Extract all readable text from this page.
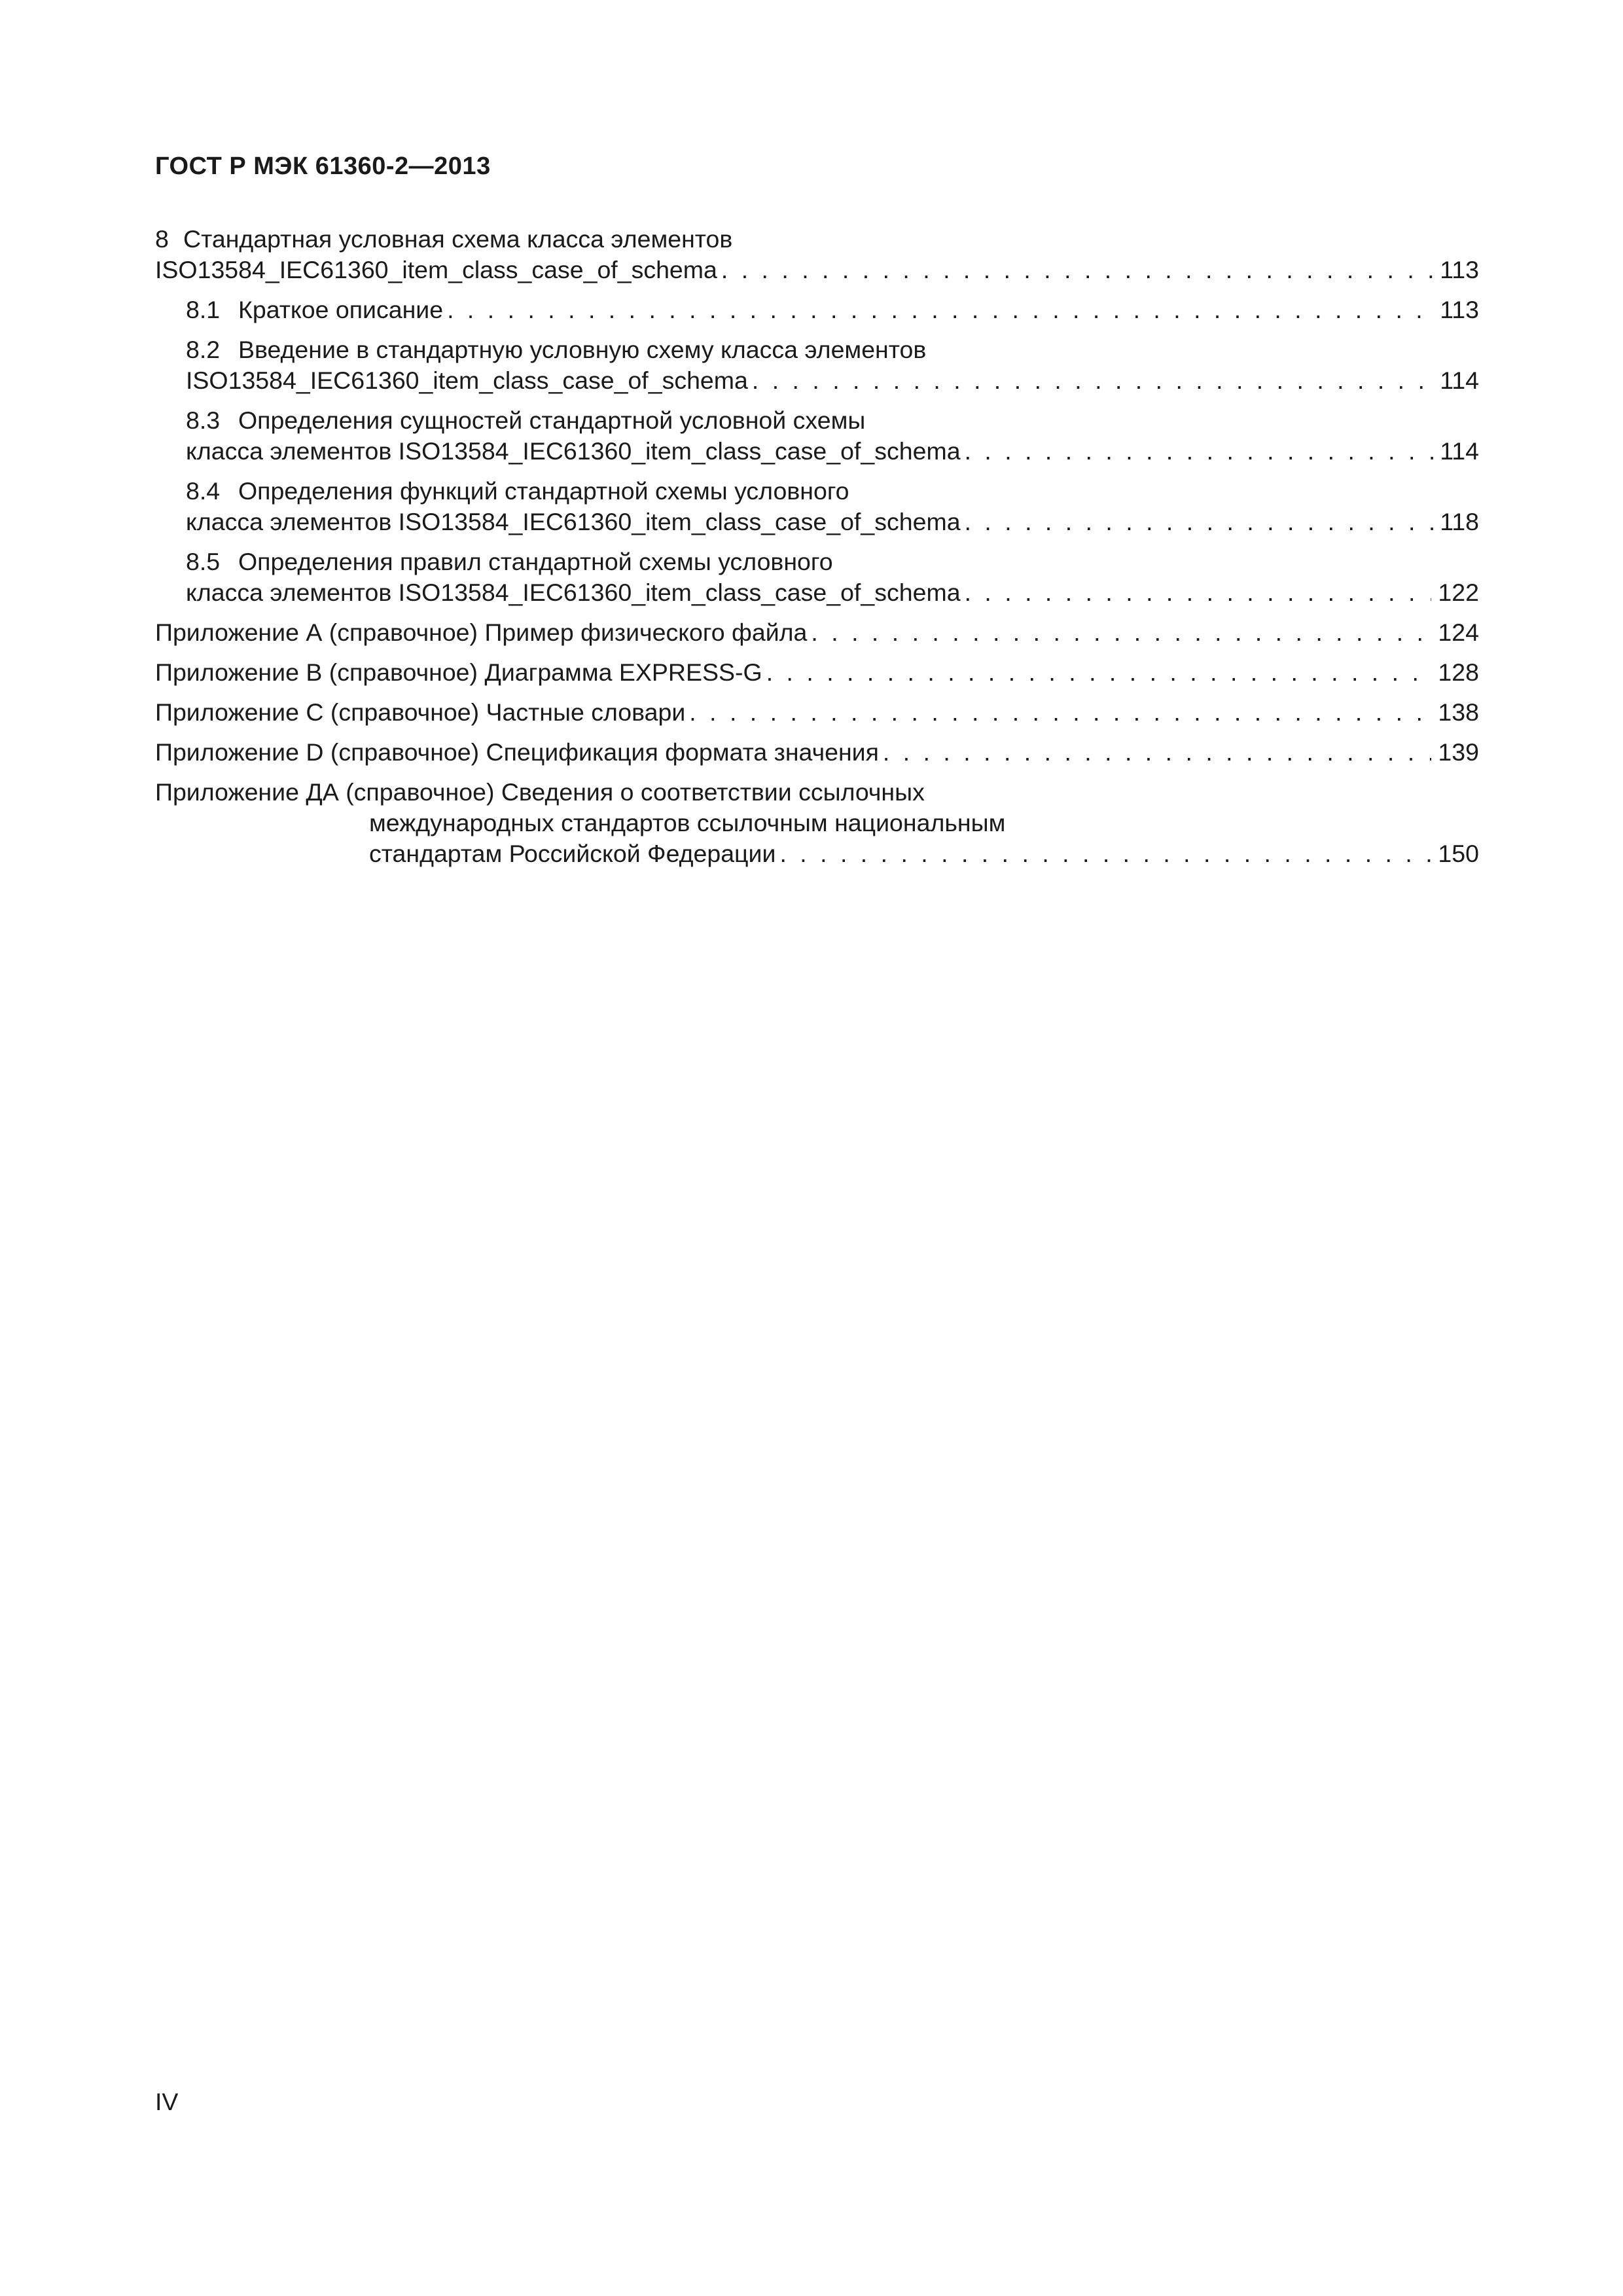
ГОСТ Р МЭК 61360-2—2013
8 Стандартная условная схема класса элементов
ISO13584_IEC61360_item_class_case_of_schema . . .	113
8.1 Краткое описание . . .	113
8.2 Введение в стандартную условную схему класса элементов
ISO13584_IEC61360_item_class_case_of_schema . . .	114
8.3 Определения сущностей стандартной условной схемы
класса элементов ISO13584_IEC61360_item_class_case_of_schema . . .	114
8.4 Определения функций стандартной схемы условного
класса элементов ISO13584_IEC61360_item_class_case_of_schema . . .	118
8.5 Определения правил стандартной схемы условного
класса элементов ISO13584_IEC61360_item_class_case_of_schema . . .	122
Приложение А (справочное) Пример физического файла . . .	124
Приложение В (справочное) Диаграмма EXPRESS-G . . .	128
Приложение С (справочное) Частные словари . . .	138
Приложение D (справочное) Спецификация формата значения . . .	139
Приложение ДА (справочное) Сведения о соответствии ссылочных
международных стандартов ссылочным национальным
стандартам Российской Федерации . . .	150
IV
